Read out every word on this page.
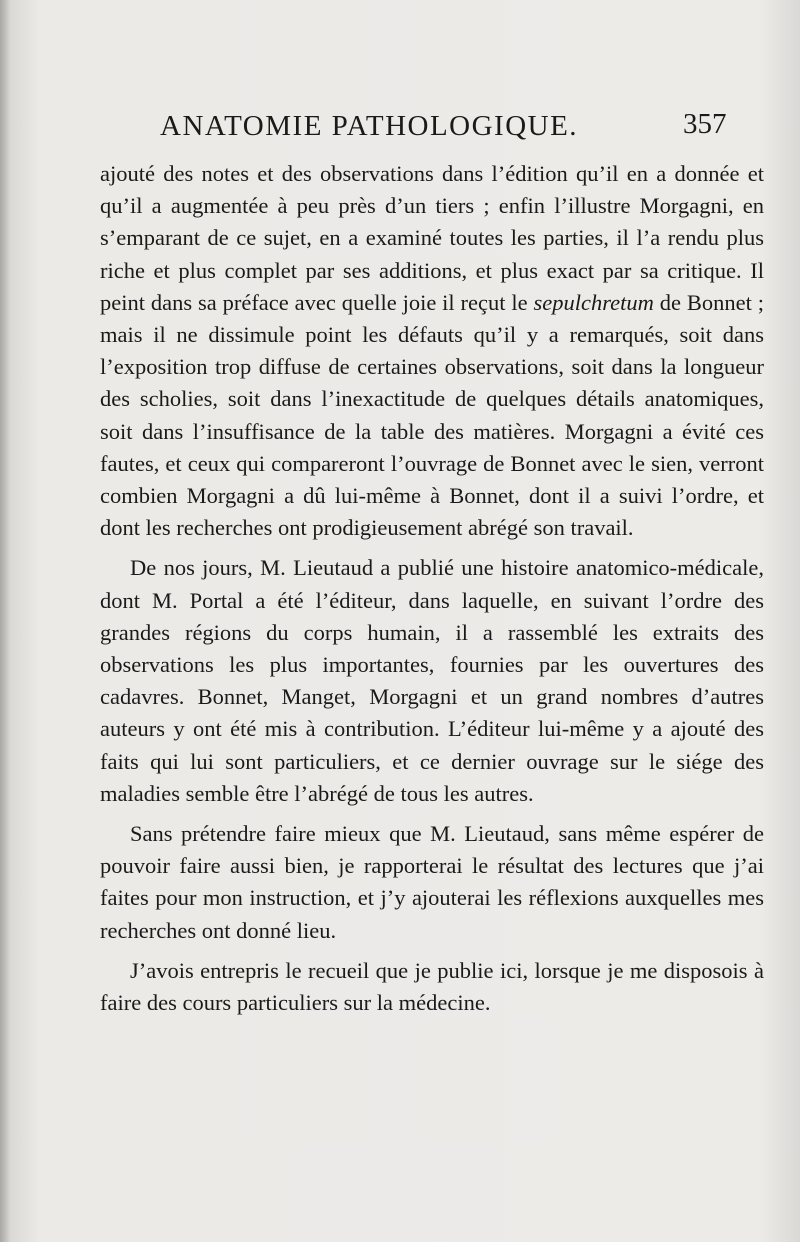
ANATOMIE PATHOLOGIQUE.	357

ajouté des notes et des observations dans l’édition qu’il en a donnée et qu’il a augmentée à peu près d’un tiers ; enfin l’illustre Morgagni, en s’emparant de ce sujet, en a examiné toutes les parties, il l’a rendu plus riche et plus complet par ses additions, et plus exact par sa critique. Il peint dans sa préface avec quelle joie il reçut le sepulchretum de Bonnet ; mais il ne dissimule point les défauts qu’il y a remarqués, soit dans l’exposition trop diffuse de certaines observations, soit dans la longueur des scholies, soit dans l’inexactitude de quelques détails anatomiques, soit dans l’insuffisance de la table des matières. Morgagni a évité ces fautes, et ceux qui compareront l’ouvrage de Bonnet avec le sien, verront combien Morgagni a dû lui-même à Bonnet, dont il a suivi l’ordre, et dont les recherches ont prodigieusement abrégé son travail.

De nos jours, M. Lieutaud a publié une histoire anatomico-médicale, dont M. Portal a été l’éditeur, dans laquelle, en suivant l’ordre des grandes régions du corps humain, il a rassemblé les extraits des observations les plus importantes, fournies par les ouvertures des cadavres. Bonnet, Manget, Morgagni et un grand nombres d’autres auteurs y ont été mis à contribution. L’éditeur lui-même y a ajouté des faits qui lui sont particuliers, et ce dernier ouvrage sur le siége des maladies semble être l’abrégé de tous les autres.

Sans prétendre faire mieux que M. Lieutaud, sans même espérer de pouvoir faire aussi bien, je rapporterai le résultat des lectures que j’ai faites pour mon instruction, et j’y ajouterai les réflexions auxquelles mes recherches ont donné lieu.

J’avois entrepris le recueil que je publie ici, lorsque je me disposois à faire des cours particuliers sur la médecine.
